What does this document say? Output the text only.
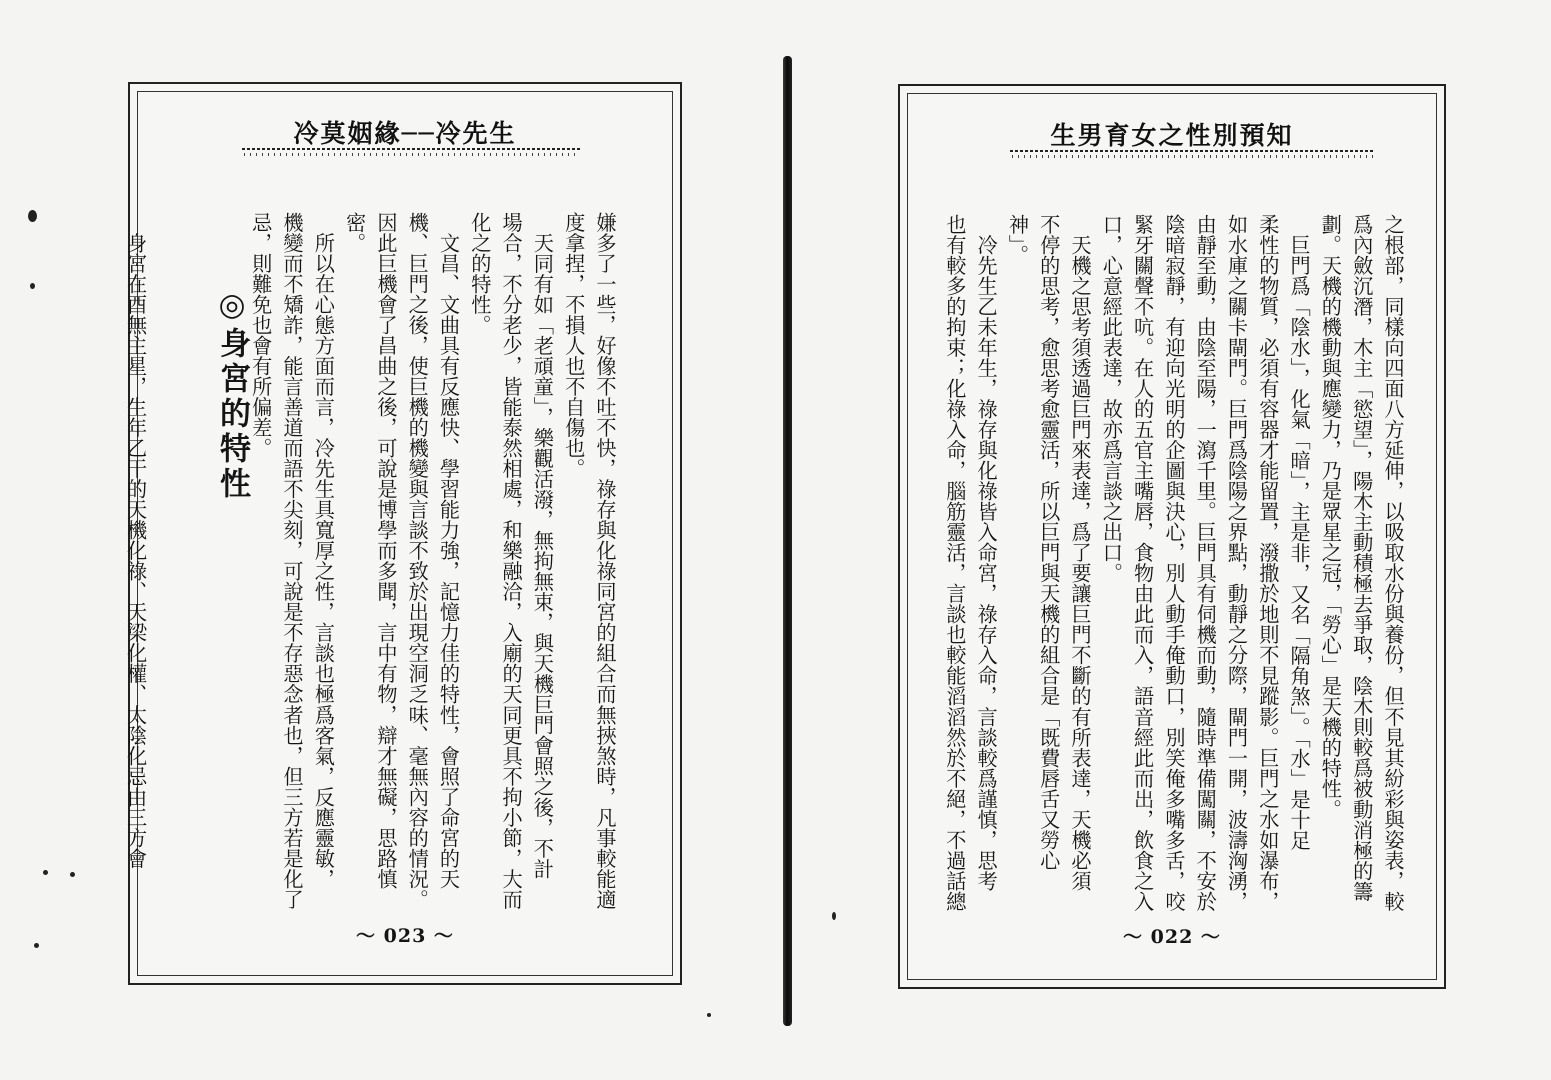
冷莫姻緣──冷先生
嫌多了一些，好像不吐不快，祿存與化祿同宮的組合而無挾煞時，凡事較能適
度拿捏，不損人也不自傷也。
　天同有如「老頑童」，樂觀活潑，無拘無束，與天機巨門會照之後，不計
場合，不分老少，皆能泰然相處，和樂融洽，入廟的天同更具不拘小節，大而
化之的特性。
　文昌、文曲具有反應快、學習能力強，記憶力佳的特性，會照了命宮的天
機、巨門之後，使巨機的機變與言談不致於出現空洞乏味、毫無內容的情況。
因此巨機會了昌曲之後，可說是博學而多聞，言中有物，辯才無礙，思路慎
密。
　所以在心態方面而言，冷先生具寬厚之性，言談也極爲客氣，反應靈敏，
機變而不矯詐，能言善道而語不尖刻，可說是不存惡念者也，但三方若是化了
忌，則難免也會有所偏差。

　身宮在酉無主星，生年乙干的天機化祿、天梁化權、太陰化忌由三方會	◎身宮的特性
～ 023 ～
生男育女之性別預知
之根部，同樣向四面八方延伸，以吸取水份與養份，但不見其紛彩與姿表，較
爲內斂沉潛，木主「慾望」，陽木主動積極去爭取，陰木則較爲被動消極的籌
劃。天機的機動與應變力，乃是眾星之冠，「勞心」是天機的特性。
　巨門爲「陰水」，化氣「暗」，主是非，又名「隔角煞」。「水」是十足
柔性的物質，必須有容器才能留置，潑撒於地則不見蹤影。巨門之水如瀑布，
如水庫之關卡閘門。巨門爲陰陽之界點，動靜之分際，閘門一開，波濤洶湧，
由靜至動，由陰至陽，一瀉千里。巨門具有伺機而動，隨時準備闖關，不安於
陰暗寂靜，有迎向光明的企圖與決心，別人動手俺動口，別笑俺多嘴多舌，咬
緊牙關聲不吭。在人的五官主嘴唇，食物由此而入，語音經此而出，飲食之入
口，心意經此表達，故亦爲言談之出口。
　天機之思考須透過巨門來表達，爲了要讓巨門不斷的有所表達，天機必須
不停的思考，愈思考愈靈活，所以巨門與天機的組合是「既費唇舌又勞心
神」。
　冷先生乙未年生，祿存與化祿皆入命宮，祿存入命，言談較爲謹慎，思考
也有較多的拘束；化祿入命，腦筋靈活，言談也較能滔滔然於不絕，不過話總
～ 022 ～
